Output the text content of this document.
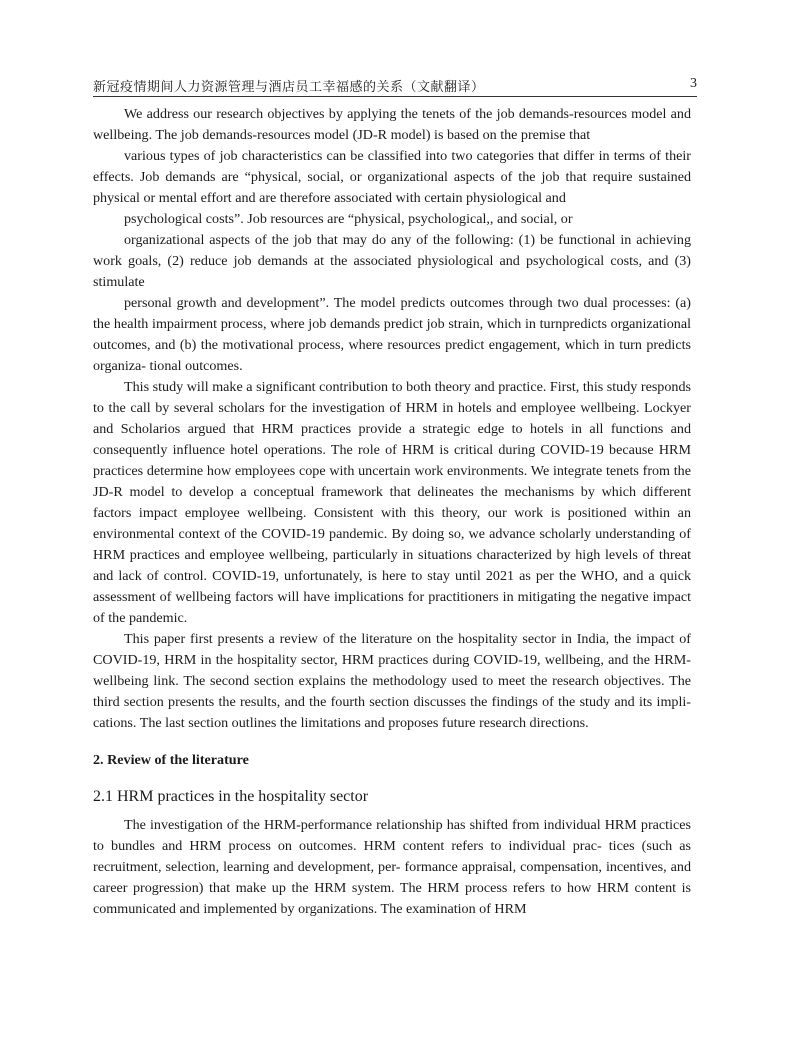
新冠疫情期间人力资源管理与酒店员工幸福感的关系（文献翻译）	3

We address our research objectives by applying the tenets of the job demands-resources model and wellbeing. The job demands-resources model (JD-R model) is based on the premise that

various types of job characteristics can be classified into two categories that differ in terms of their effects. Job demands are “physical, social, or organizational aspects of the job that require sustained physical or mental effort and are therefore associated with certain physiological and

psychological costs”. Job resources are “physical, psychological,, and social, or

organizational aspects of the job that may do any of the following: (1) be functional in achieving work goals, (2) reduce job demands at the associated physiological and psychological costs, and (3) stimulate

personal growth and development”. The model predicts outcomes through two dual processes: (a) the health impairment process, where job demands predict job strain, which in turnpredicts organizational outcomes, and (b) the motivational process, where resources predict engagement, which in turn predicts organiza- tional outcomes.

This study will make a significant contribution to both theory and practice. First, this study responds to the call by several scholars for the investigation of HRM in hotels and employee wellbeing. Lockyer and Scholarios argued that HRM practices provide a strategic edge to hotels in all functions and consequently influence hotel operations. The role of HRM is critical during COVID-19 because HRM practices determine how employees cope with uncertain work environments. We integrate tenets from the JD-R model to develop a conceptual framework that delineates the mechanisms by which different factors impact employee wellbeing. Consistent with this theory, our work is positioned within an environmental context of the COVID-19 pandemic. By doing so, we advance scholarly understanding of HRM practices and employee wellbeing, particularly in situations characterized by high levels of threat and lack of control. COVID-19, unfortunately, is here to stay until 2021 as per the WHO, and a quick assessment of wellbeing factors will have implications for practitioners in mitigating the negative impact of the pandemic.

This paper first presents a review of the literature on the hospitality sector in India, the impact of COVID-19, HRM in the hospitality sector, HRM practices during COVID-19, wellbeing, and the HRM-wellbeing link. The second section explains the methodology used to meet the research objectives. The third section presents the results, and the fourth section discusses the findings of the study and its impli- cations. The last section outlines the limitations and proposes future research directions.

2. Review of the literature

2.1 HRM practices in the hospitality sector

The investigation of the HRM-performance relationship has shifted from individual HRM practices to bundles and HRM process on outcomes. HRM content refers to individual prac- tices (such as recruitment, selection, learning and development, per- formance appraisal, compensation, incentives, and career progression) that make up the HRM system. The HRM process refers to how HRM content is communicated and implemented by organizations. The examination of HRM
